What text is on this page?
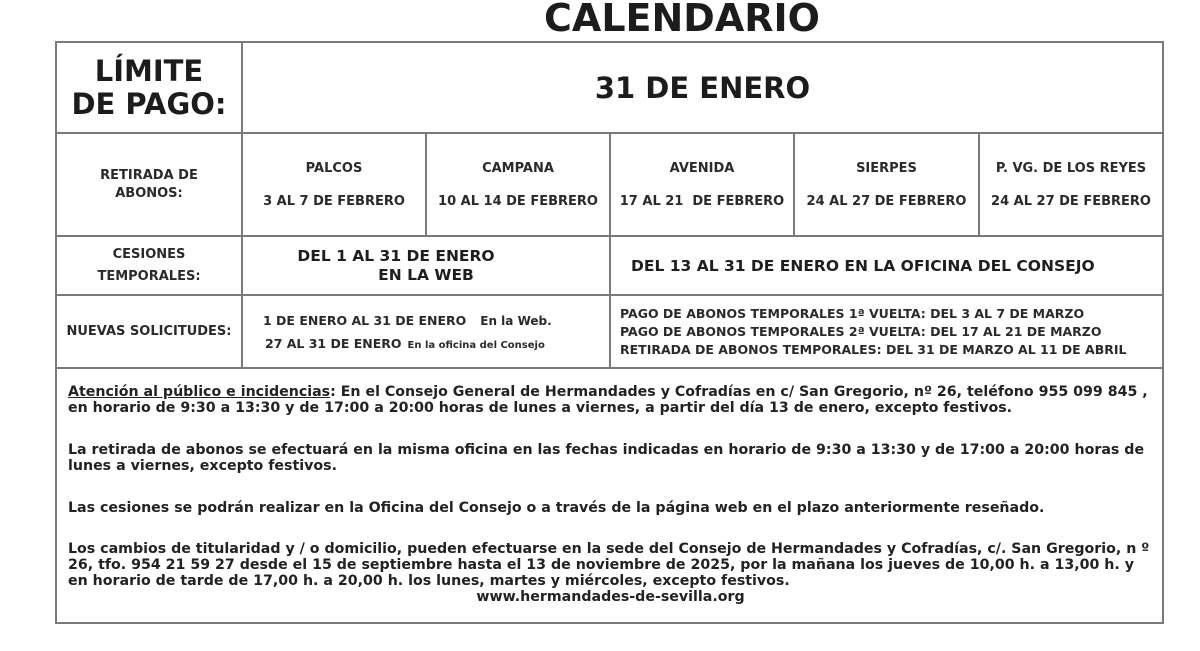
CALENDARIO
LÍMITE
DE PAGO:	31 DE ENERO
RETIRADA DE
ABONOS:
PALCOS
3 AL 7 DE FEBRERO
CAMPANA
10 AL 14 DE FEBRERO
AVENIDA
17 AL 21  DE FEBRERO
SIERPES
24 AL 27 DE FEBRERO
P. VG. DE LOS REYES
24 AL 27 DE FEBRERO
CESIONES
TEMPORALES:
DEL 1 AL 31 DE ENERO
EN LA WEB	DEL 13 AL 31 DE ENERO EN LA OFICINA DEL CONSEJO
NUEVAS SOLICITUDES:
1 DE ENERO AL 31 DE ENERO En la Web.
27 AL 31 DE ENERO En la oficina del Consejo
PAGO DE ABONOS TEMPORALES 1ª VUELTA: DEL 3 AL 7 DE MARZO
PAGO DE ABONOS TEMPORALES 2ª VUELTA: DEL 17 AL 21 DE MARZO
RETIRADA DE ABONOS TEMPORALES: DEL 31 DE MARZO AL 11 DE ABRIL

Atención al público e incidencias: En el Consejo General de Hermandades y Cofradías en c/ San Gregorio, nº 26, teléfono 955 099 845 , en horario de 9:30 a 13:30 y de 17:00 a 20:00 horas de lunes a viernes, a partir del día 13 de enero, excepto festivos.

La retirada de abonos se efectuará en la misma oficina en las fechas indicadas en horario de 9:30 a 13:30 y de 17:00 a 20:00 horas de lunes a viernes, excepto festivos.

Las cesiones se podrán realizar en la Oficina del Consejo o a través de la página web en el plazo anteriormente reseñado.

Los cambios de titularidad y / o domicilio, pueden efectuarse en la sede del Consejo de Hermandades y Cofradías, c/. San Gregorio, n º 26, tfo. 954 21 59 27 desde el 15 de septiembre hasta el 13 de noviembre de 2025, por la mañana los jueves de 10,00 h. a 13,00 h. y en horario de tarde de 17,00 h. a 20,00 h. los lunes, martes y miércoles, excepto festivos.

www.hermandades-de-sevilla.org
